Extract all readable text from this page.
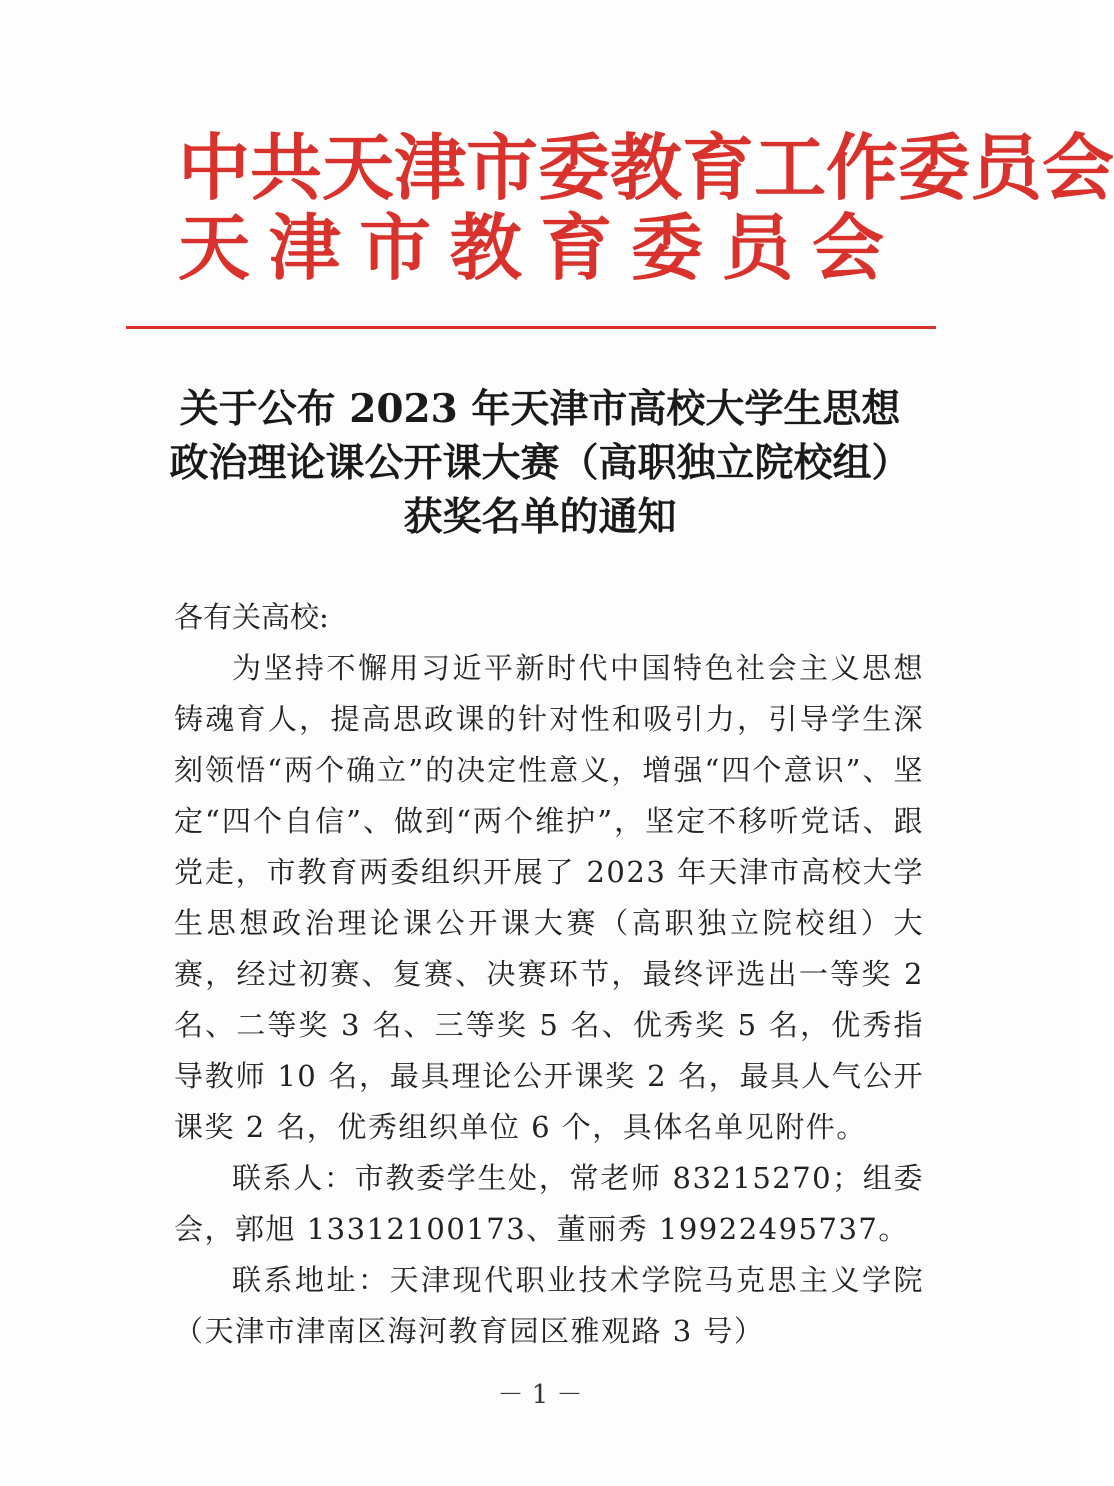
中共天津市委教育工作委员会
天津市教育委员会
关于公布 2023 年天津市高校大学生思想
政治理论课公开课大赛（高职独立院校组）
获奖名单的通知
各有关高校:

为坚持不懈用习近平新时代中国特色社会主义思想铸魂育人，提高思政课的针对性和吸引力，引导学生深刻领悟“两个确立”的决定性意义，增强“四个意识”、坚定“四个自信”、做到“两个维护”，坚定不移听党话、跟党走，市教育两委组织开展了 2023 年天津市高校大学生思想政治理论课公开课大赛（高职独立院校组）大赛，经过初赛、复赛、决赛环节，最终评选出一等奖 2 名、二等奖 3 名、三等奖 5 名、优秀奖 5 名，优秀指导教师 10 名，最具理论公开课奖 2 名，最具人气公开课奖 2 名，优秀组织单位 6 个，具体名单见附件。

联系人：市教委学生处，常老师 83215270；组委会，郭旭 13312100173、董丽秀 19922495737。

联系地址：天津现代职业技术学院马克思主义学院（天津市津南区海河教育园区雅观路 3 号）

－ 1 －
